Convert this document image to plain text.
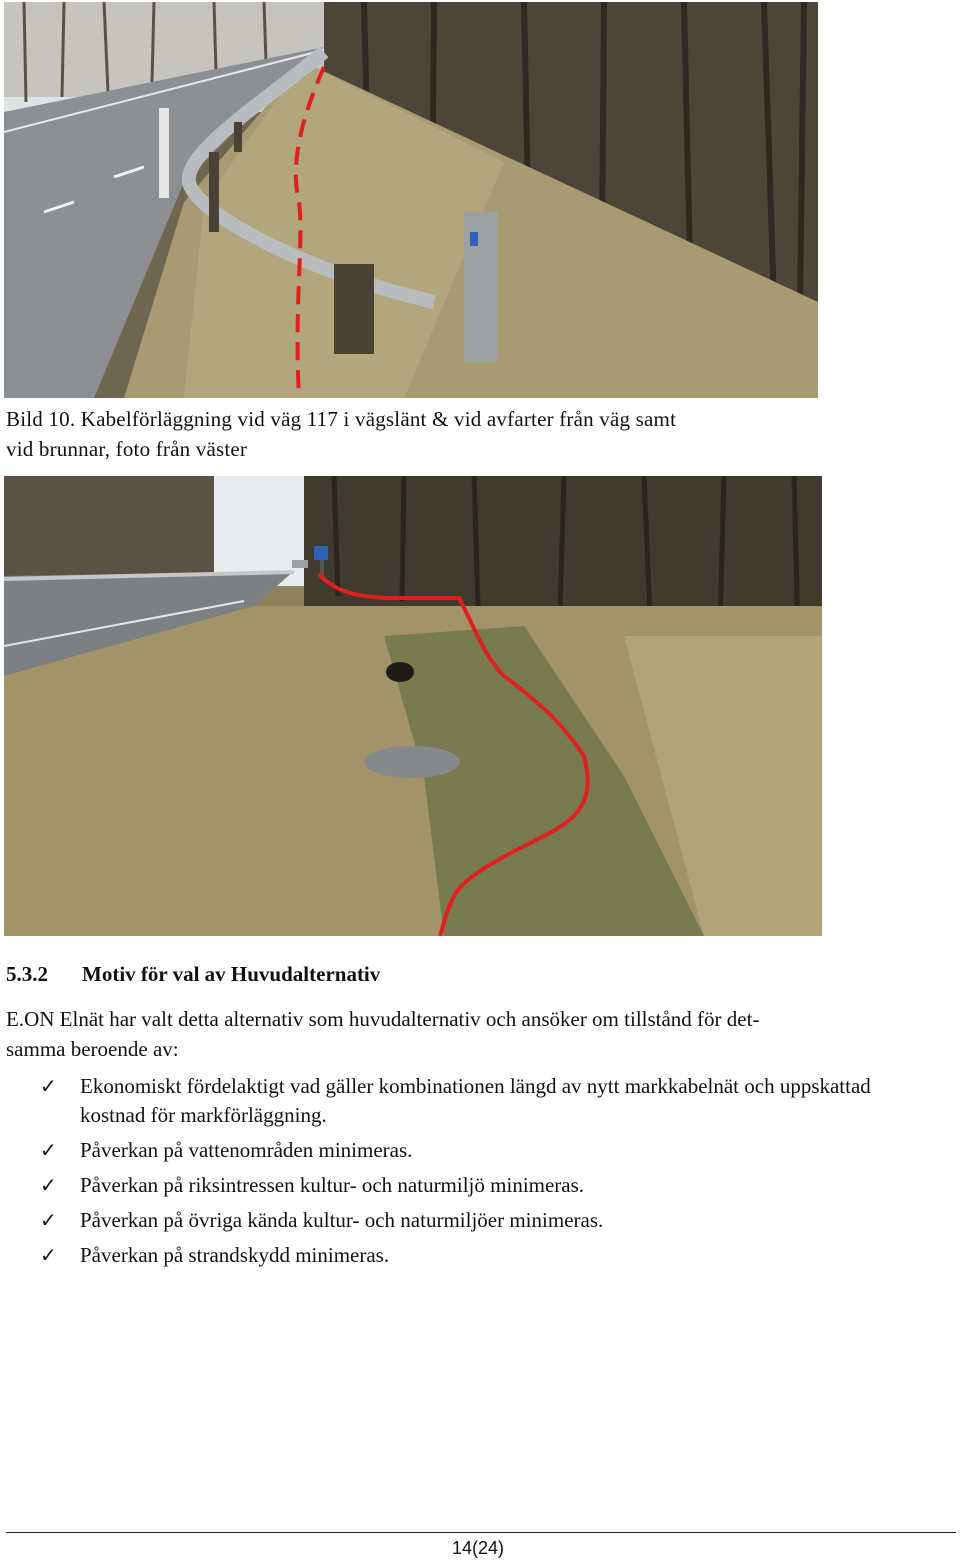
Bild 10. Kabelförläggning vid väg 117 i vägslänt & vid avfarter från väg samt
vid brunnar, foto från väster
5.3.2 Motiv för val av Huvudalternativ
E.ON Elnät har valt detta alternativ som huvudalternativ och ansöker om tillstånd för det-
samma beroende av:
✓ Ekonomiskt fördelaktigt vad gäller kombinationen längd av nytt markkabelnät och uppskattad kostnad för markförläggning.
✓ Påverkan på vattenområden minimeras.
✓ Påverkan på riksintressen kultur- och naturmiljö minimeras.
✓ Påverkan på övriga kända kultur- och naturmiljöer minimeras.
✓ Påverkan på strandskydd minimeras.
14(24)
